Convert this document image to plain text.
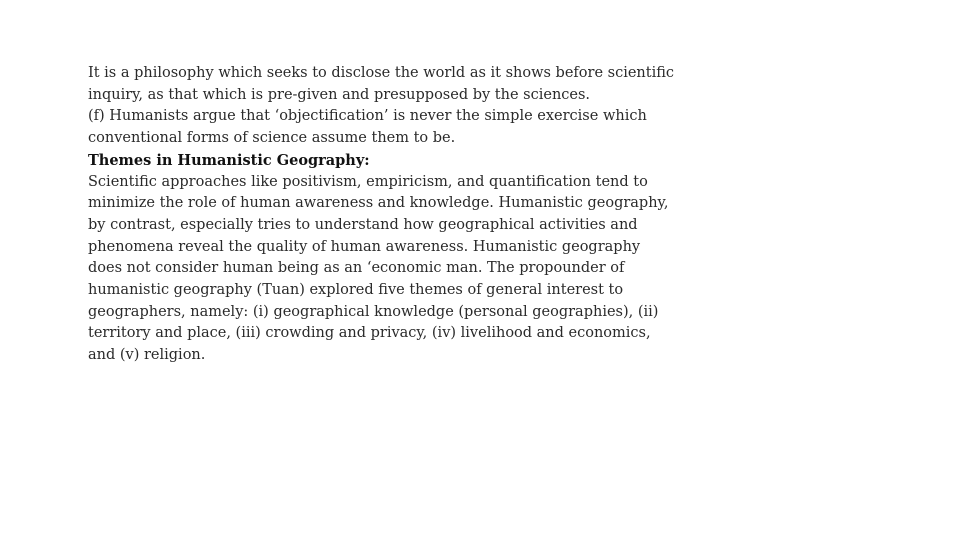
It is a philosophy which seeks to disclose the world as it shows before scientific
inquiry, as that which is pre-given and presupposed by the sciences.
(f) Humanists argue that ‘objectification’ is never the simple exercise which
conventional forms of science assume them to be.
Themes in Humanistic Geography:
Scientific approaches like positivism, empiricism, and quantification tend to
minimize the role of human awareness and knowledge. Humanistic geography,
by contrast, especially tries to understand how geographical activities and
phenomena reveal the quality of human awareness. Humanistic geography
does not consider human being as an ‘economic man. The propounder of
humanistic geography (Tuan) explored five themes of general interest to
geographers, namely: (i) geographical knowledge (personal geographies), (ii)
territory and place, (iii) crowding and privacy, (iv) livelihood and economics,
and (v) religion.
